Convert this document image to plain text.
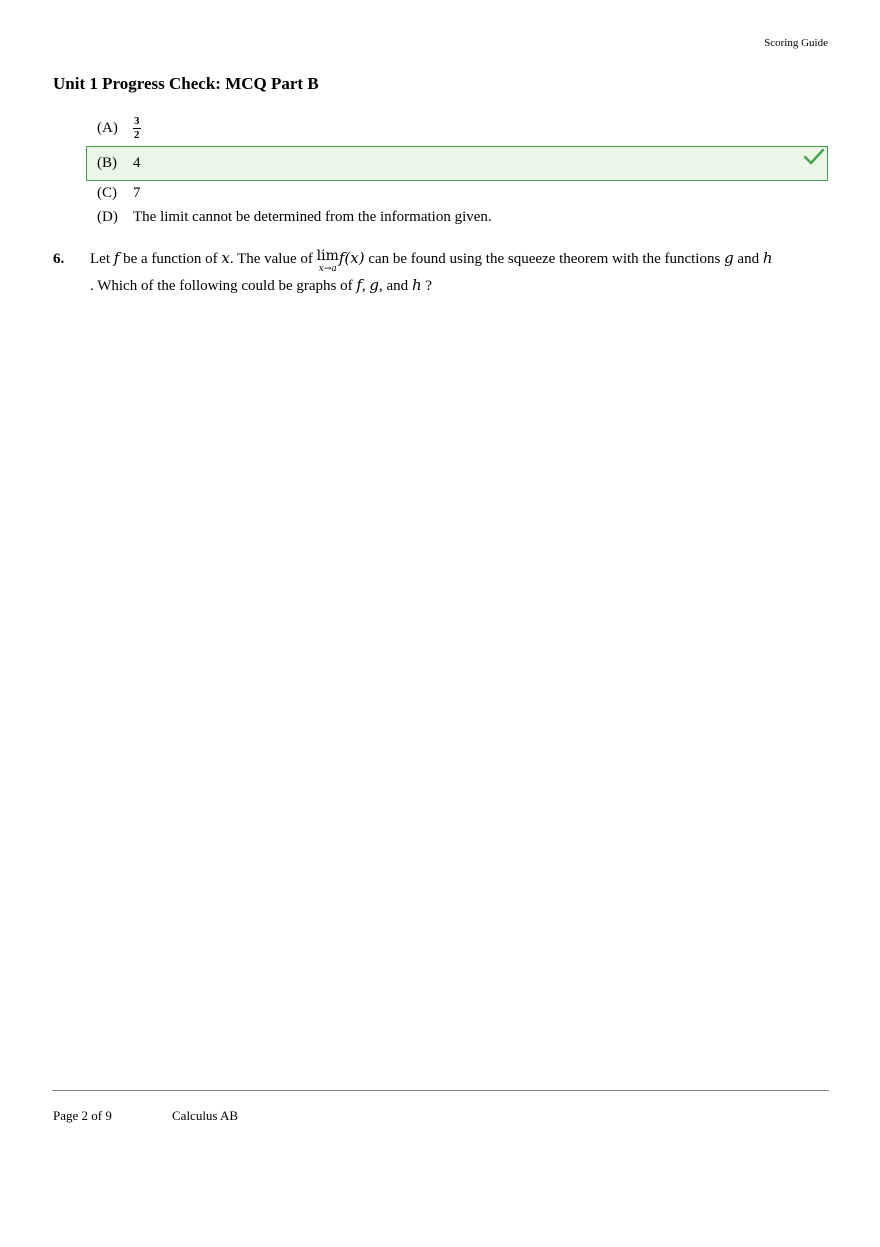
Scoring Guide
Unit 1 Progress Check: MCQ Part B
(A)	$\frac{3}{2}$
(B)	4
(C)	7
(D)	The limit cannot be determined from the information given.
6. Let f be a function of x. The value of lim
x→a
f(x) can be found using the squeeze theorem with the functions g and h
. Which of the following could be graphs of f, g, and h ?
Page 2 of 9	Calculus AB
